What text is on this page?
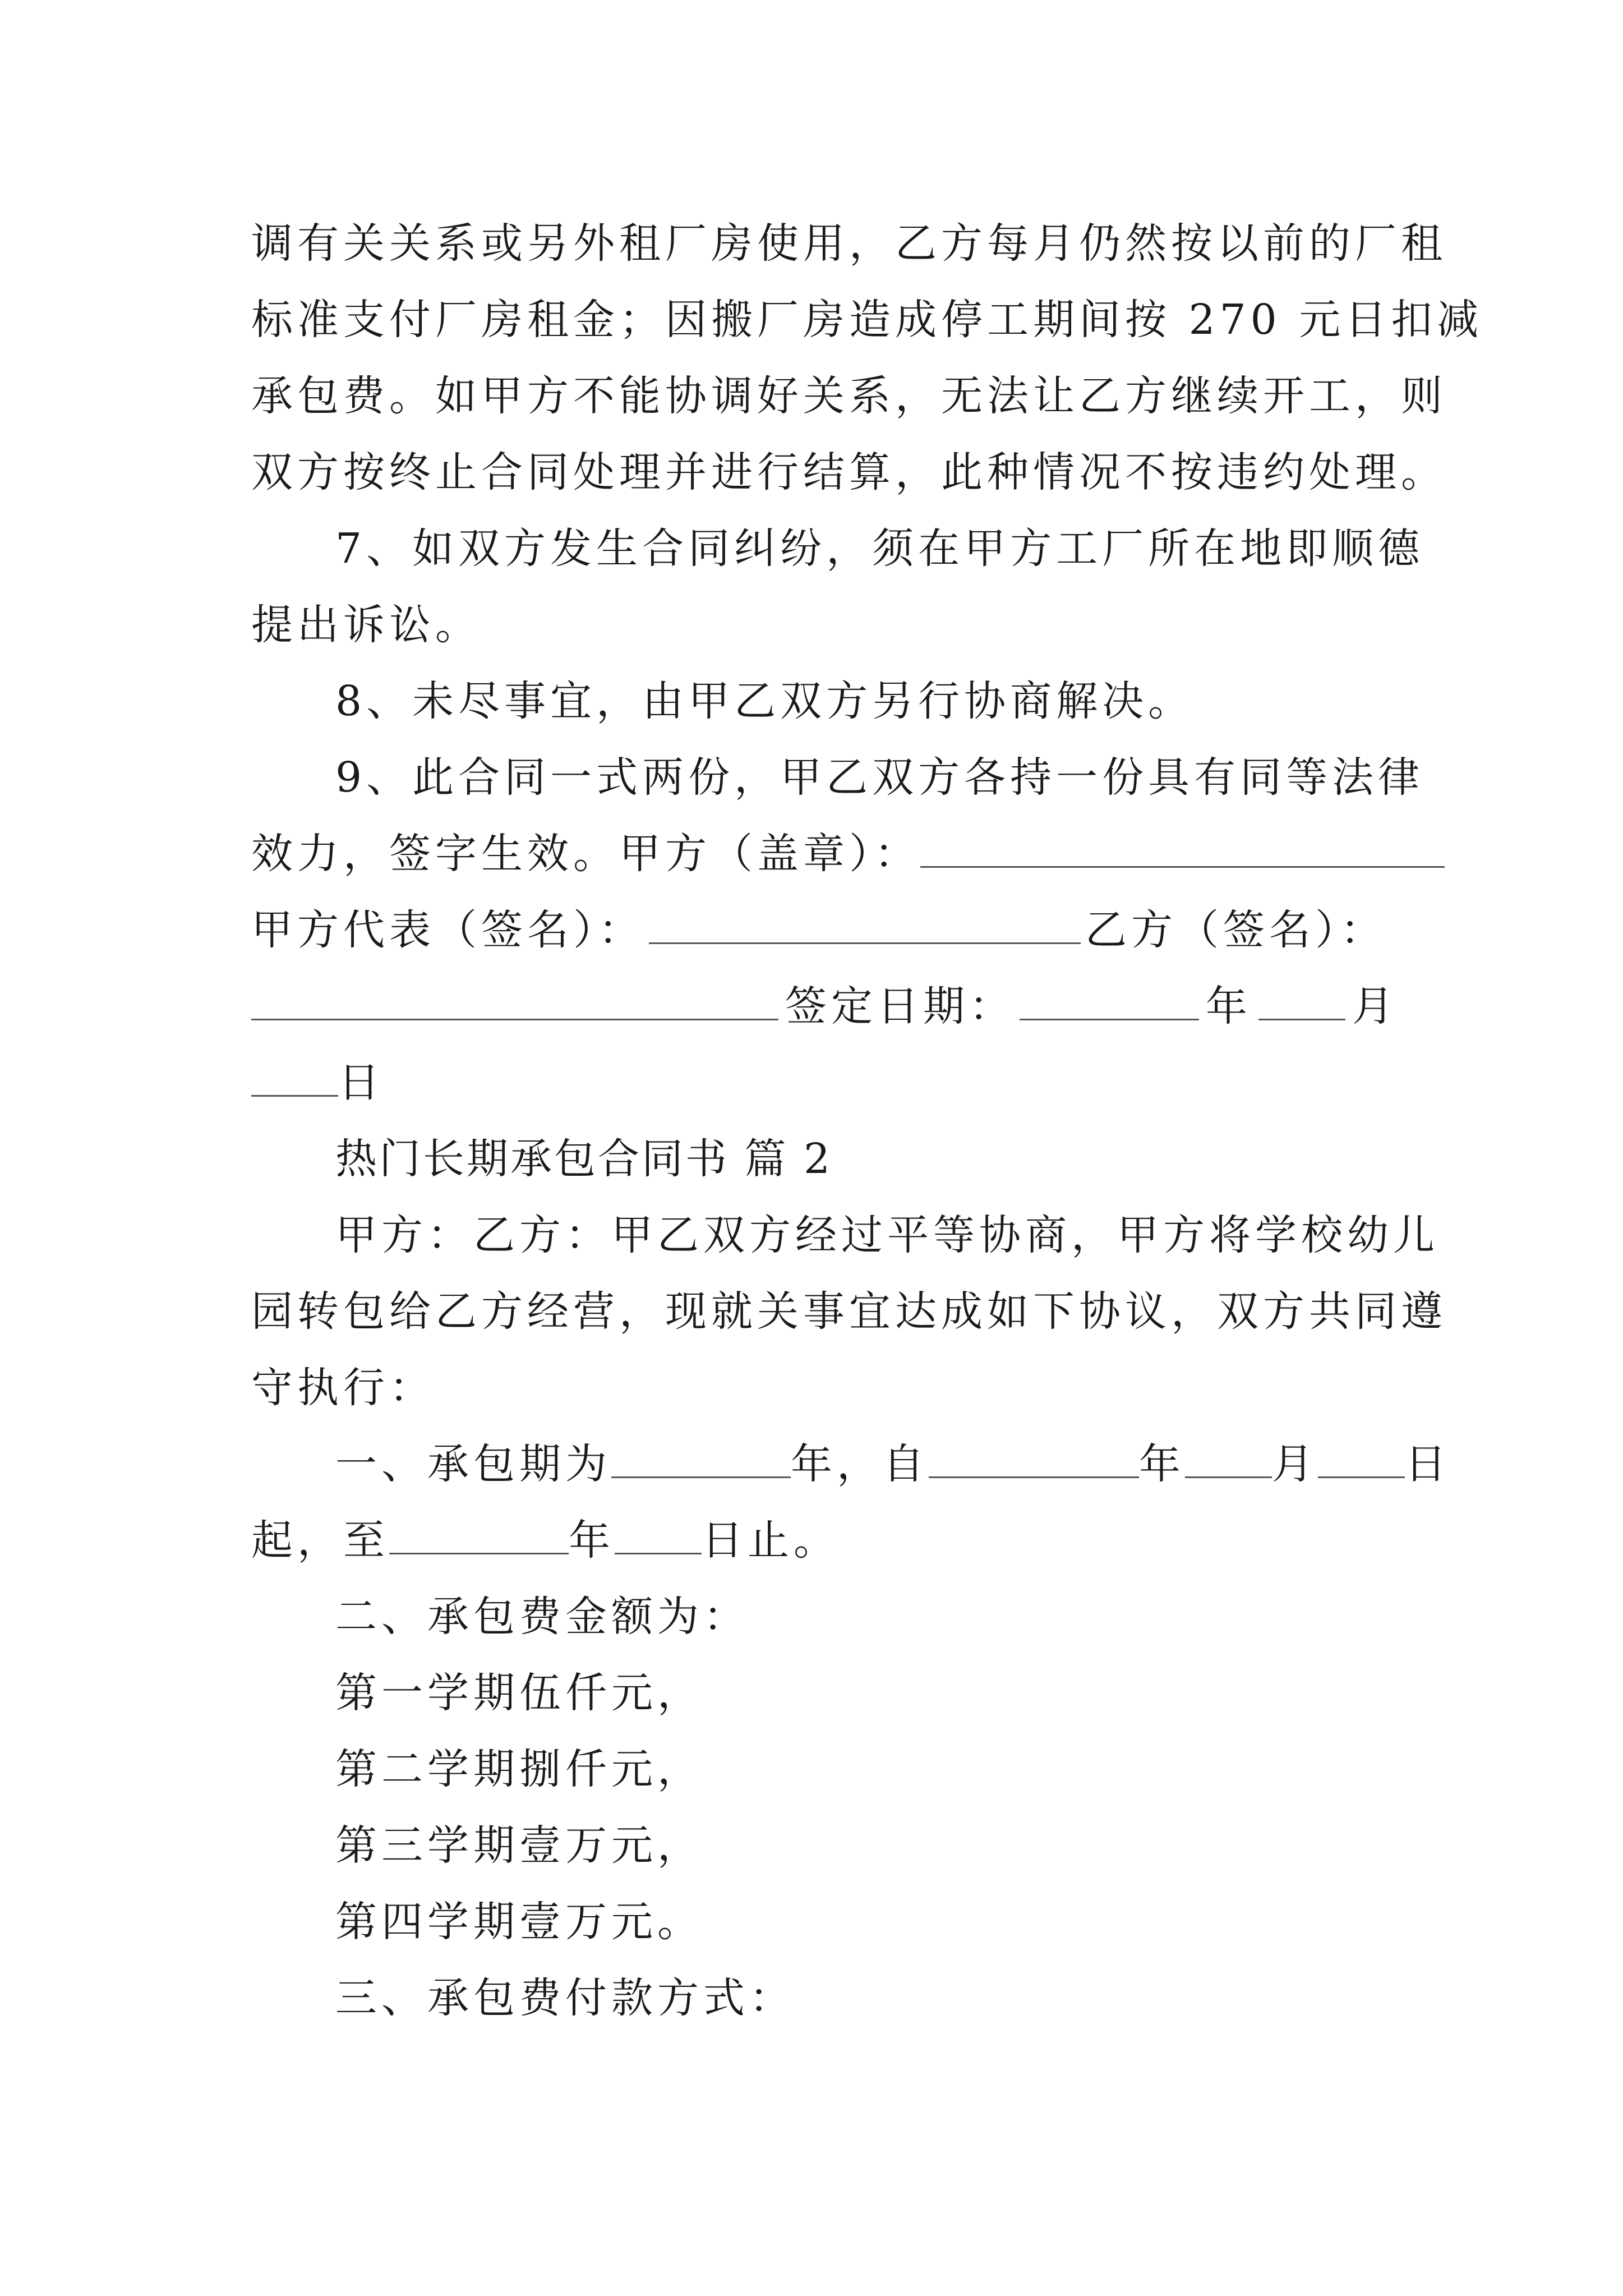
调有关关系或另外租厂房使用，乙方每月仍然按以前的厂租
标准支付厂房租金；因搬厂房造成停工期间按 270 元日扣减
承包费。如甲方不能协调好关系，无法让乙方继续开工，则
双方按终止合同处理并进行结算，此种情况不按违约处理。
7、如双方发生合同纠纷，须在甲方工厂所在地即顺德
提出诉讼。
8、未尽事宜，由甲乙双方另行协商解决。
9、此合同一式两份，甲乙双方各持一份具有同等法律
效力，签字生效。甲方（盖章）：
甲方代表（签名）：	乙方（签名）：
签定日期：	年 月
日
热门长期承包合同书 篇 2
甲方：乙方：甲乙双方经过平等协商，甲方将学校幼儿
园转包给乙方经营，现就关事宜达成如下协议，双方共同遵
守执行：
一、承包期为	年，自	年 月 日
起，至	年 日止。
二、承包费金额为：
第一学期伍仟元，
第二学期捌仟元，
第三学期壹万元，
第四学期壹万元。
三、承包费付款方式：
